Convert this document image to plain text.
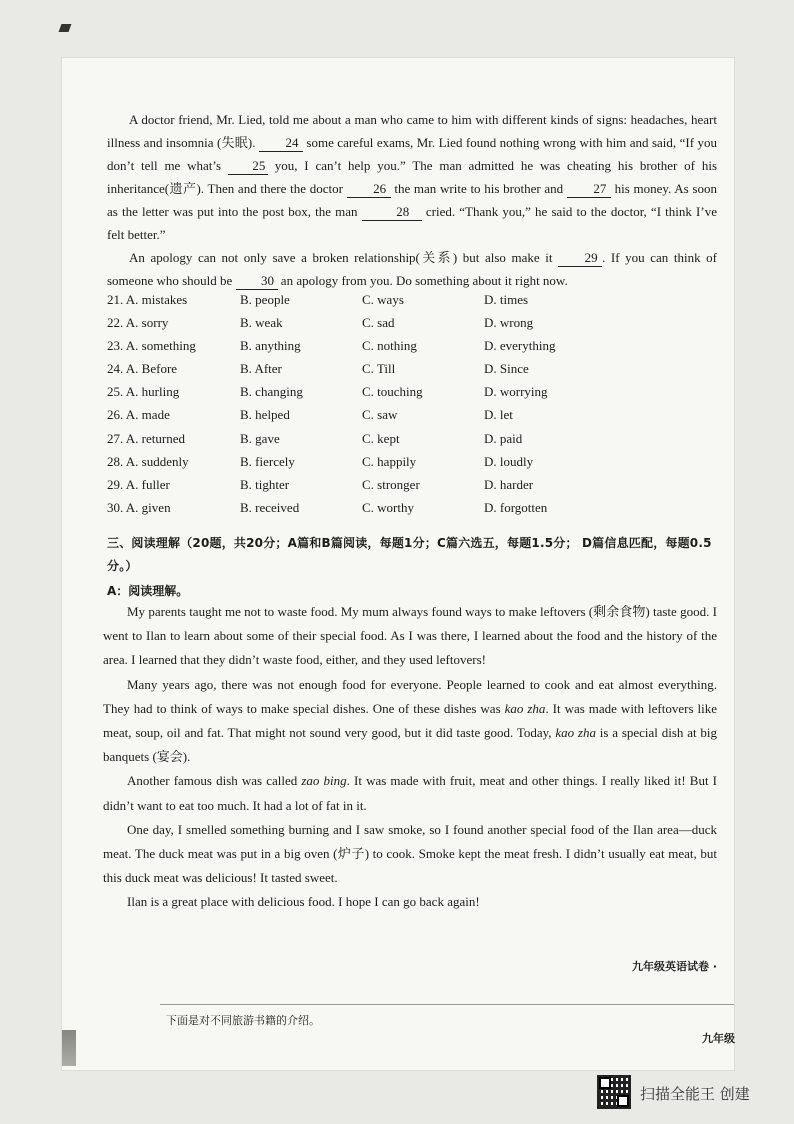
A doctor friend, Mr. Lied, told me about a man who came to him with different kinds of signs: headaches, heart illness and insomnia (失眠). 24 some careful exams, Mr. Lied found nothing wrong with him and said, “If you don’t tell me what’s 25 you, I can’t help you.” The man admitted he was cheating his brother of his inheritance(遗产). Then and there the doctor 26 the man write to his brother and 27 his money. As soon as the letter was put into the post box, the man	28 cried. “Thank you,” he said to the doctor, “I think I’ve felt better.”

An apology can not only save a broken relationship(关系) but also make it 29 . If you can think of someone who should be 30 an apology from you. Do something about it right now.

21. A. mistakes	B. people	C. ways	D. times
22. A. sorry	B. weak	C. sad	D. wrong
23. A. something	B. anything	C. nothing	D. everything
24. A. Before	B. After	C. Till	D. Since
25. A. hurling	B. changing	C. touching	D. worrying
26. A. made	B. helped	C. saw	D. let
27. A. returned	B. gave	C. kept	D. paid
28. A. suddenly	B. fiercely	C. happily	D. loudly
29. A. fuller	B. tighter	C. stronger	D. harder
30. A. given	B. received	C. worthy	D. forgotten
三、阅读理解（20题，共20分；A篇和B篇阅读，每题1分；C篇六选五，每题1.5分； D篇信息匹配，每题0.5分。）
A：阅读理解。

My parents taught me not to waste food. My mum always found ways to make leftovers (剩余食物) taste good. I went to Ilan to learn about some of their special food. As I was there, I learned about the food and the history of the area. I learned that they didn’t waste food, either, and they used leftovers!

Many years ago, there was not enough food for everyone. People learned to cook and eat almost everything. They had to think of ways to make special dishes. One of these dishes was kao zha. It was made with leftovers like meat, soup, oil and fat. That might not sound very good, but it did taste good. Today, kao zha is a special dish at big banquets (宴会).

Another famous dish was called zao bing. It was made with fruit, meat and other things. I really liked it! But I didn’t want to eat too much. It had a lot of fat in it.

One day, I smelled something burning and I saw smoke, so I found another special food of the Ilan area—duck meat. The duck meat was put in a big oven (炉子) to cook. Smoke kept the meat fresh. I didn’t usually eat meat, but this duck meat was delicious! It tasted sweet.

Ilan is a great place with delicious food. I hope I can go back again!

九年级英语试卷 ·
下面是对不同旅游书籍的介绍。
九年级
扫描全能王 创建
